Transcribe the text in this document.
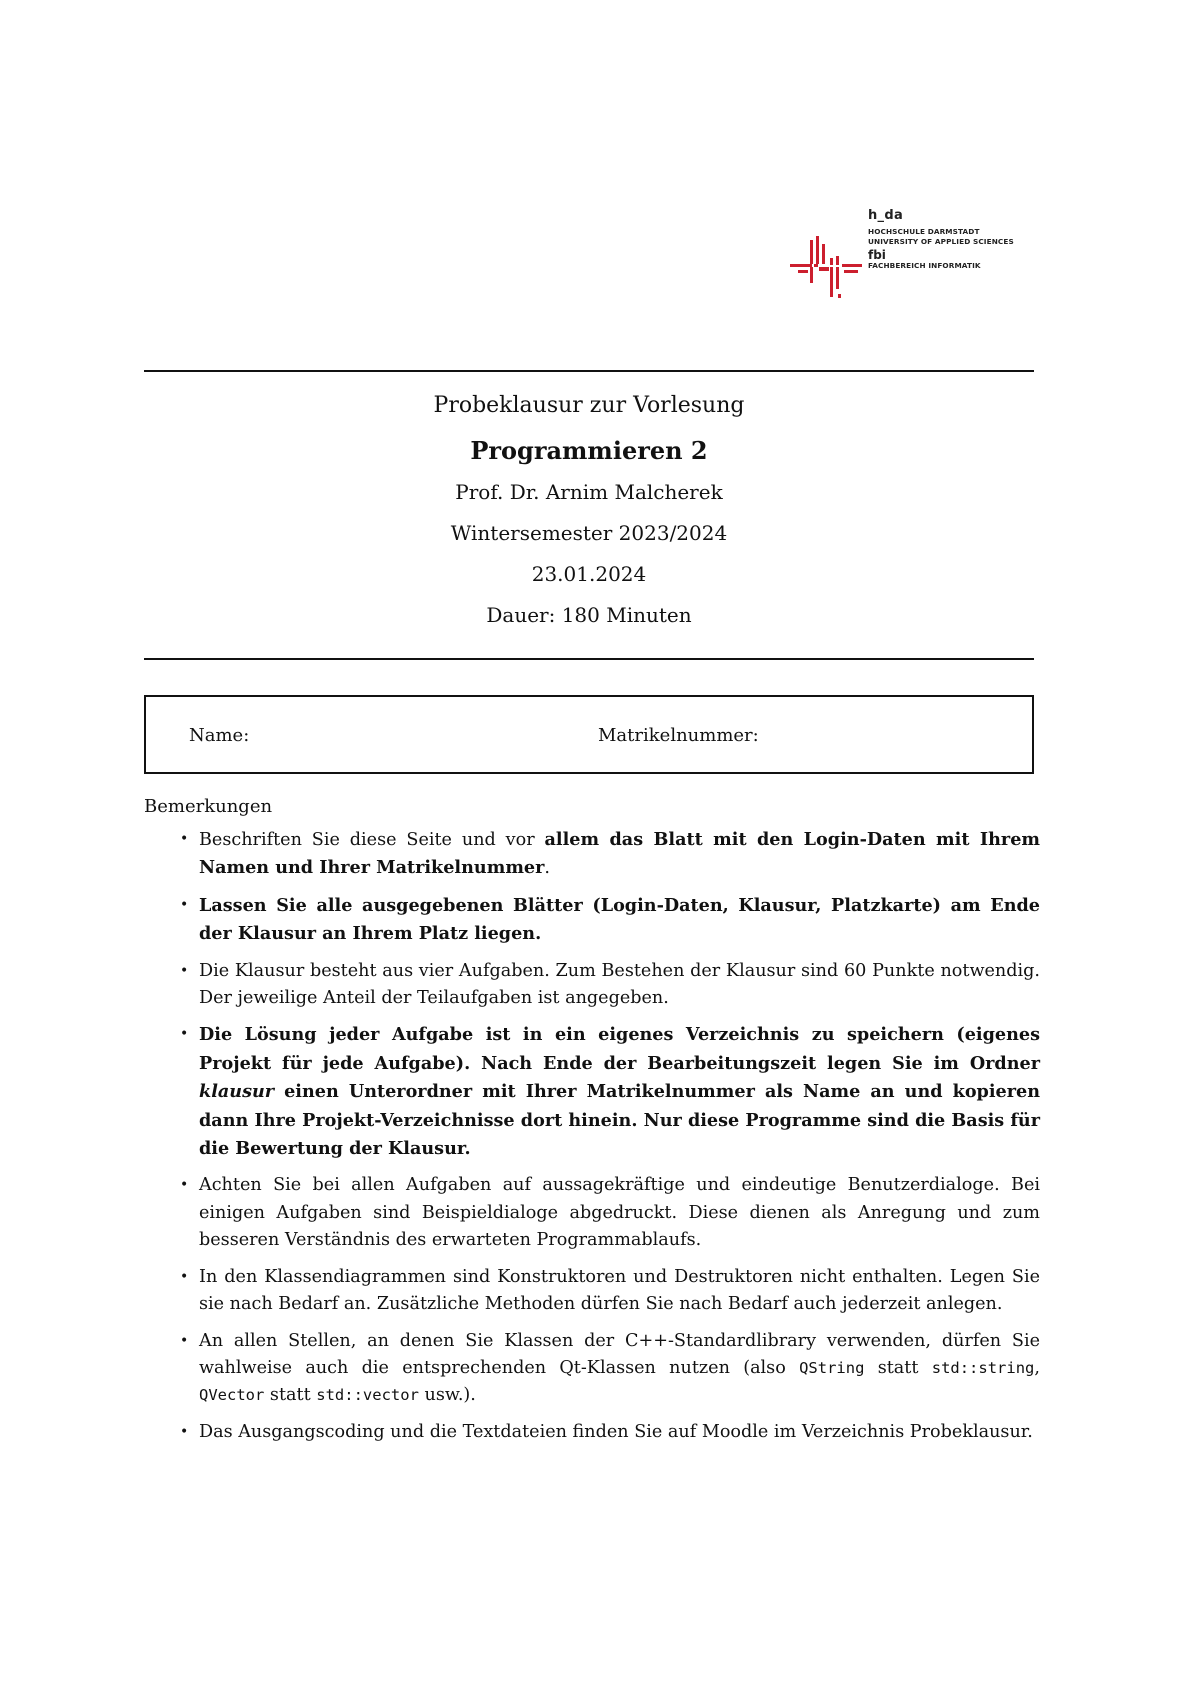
h_da
HOCHSCHULE DARMSTADT
UNIVERSITY OF APPLIED SCIENCES
fbi
FACHBEREICH INFORMATIK
Probeklausur zur Vorlesung
Programmieren 2
Prof. Dr. Arnim Malcherek
Wintersemester 2023/2024
23.01.2024
Dauer: 180 Minuten
Name:	Matrikelnummer:
Bemerkungen
• Beschriften Sie diese Seite und vor allem das Blatt mit den Login-Daten mit Ihrem Namen und Ihrer Matrikelnummer.
• Lassen Sie alle ausgegebenen Blätter (Login-Daten, Klausur, Platzkarte) am Ende der Klausur an Ihrem Platz liegen.
• Die Klausur besteht aus vier Aufgaben. Zum Bestehen der Klausur sind 60 Punkte notwendig. Der jeweilige Anteil der Teilaufgaben ist angegeben.
• Die Lösung jeder Aufgabe ist in ein eigenes Verzeichnis zu speichern (eigenes Projekt für jede Aufgabe). Nach Ende der Bearbeitungszeit legen Sie im Ordner klausur einen Unterordner mit Ihrer Matrikelnummer als Name an und kopieren dann Ihre Projekt-Verzeichnisse dort hinein. Nur diese Programme sind die Basis für die Bewertung der Klausur.
• Achten Sie bei allen Aufgaben auf aussagekräftige und eindeutige Benutzerdialoge. Bei einigen Aufgaben sind Beispieldialoge abgedruckt. Diese dienen als Anregung und zum besseren Verständnis des erwarteten Programmablaufs.
• In den Klassendiagrammen sind Konstruktoren und Destruktoren nicht enthalten. Legen Sie sie nach Bedarf an. Zusätzliche Methoden dürfen Sie nach Bedarf auch jederzeit anlegen.
• An allen Stellen, an denen Sie Klassen der C++-Standardlibrary verwenden, dürfen Sie wahlweise auch die entsprechenden Qt-Klassen nutzen (also QString statt std::string, QVector statt std::vector usw.).
• Das Ausgangscoding und die Textdateien finden Sie auf Moodle im Verzeichnis Probeklausur.
